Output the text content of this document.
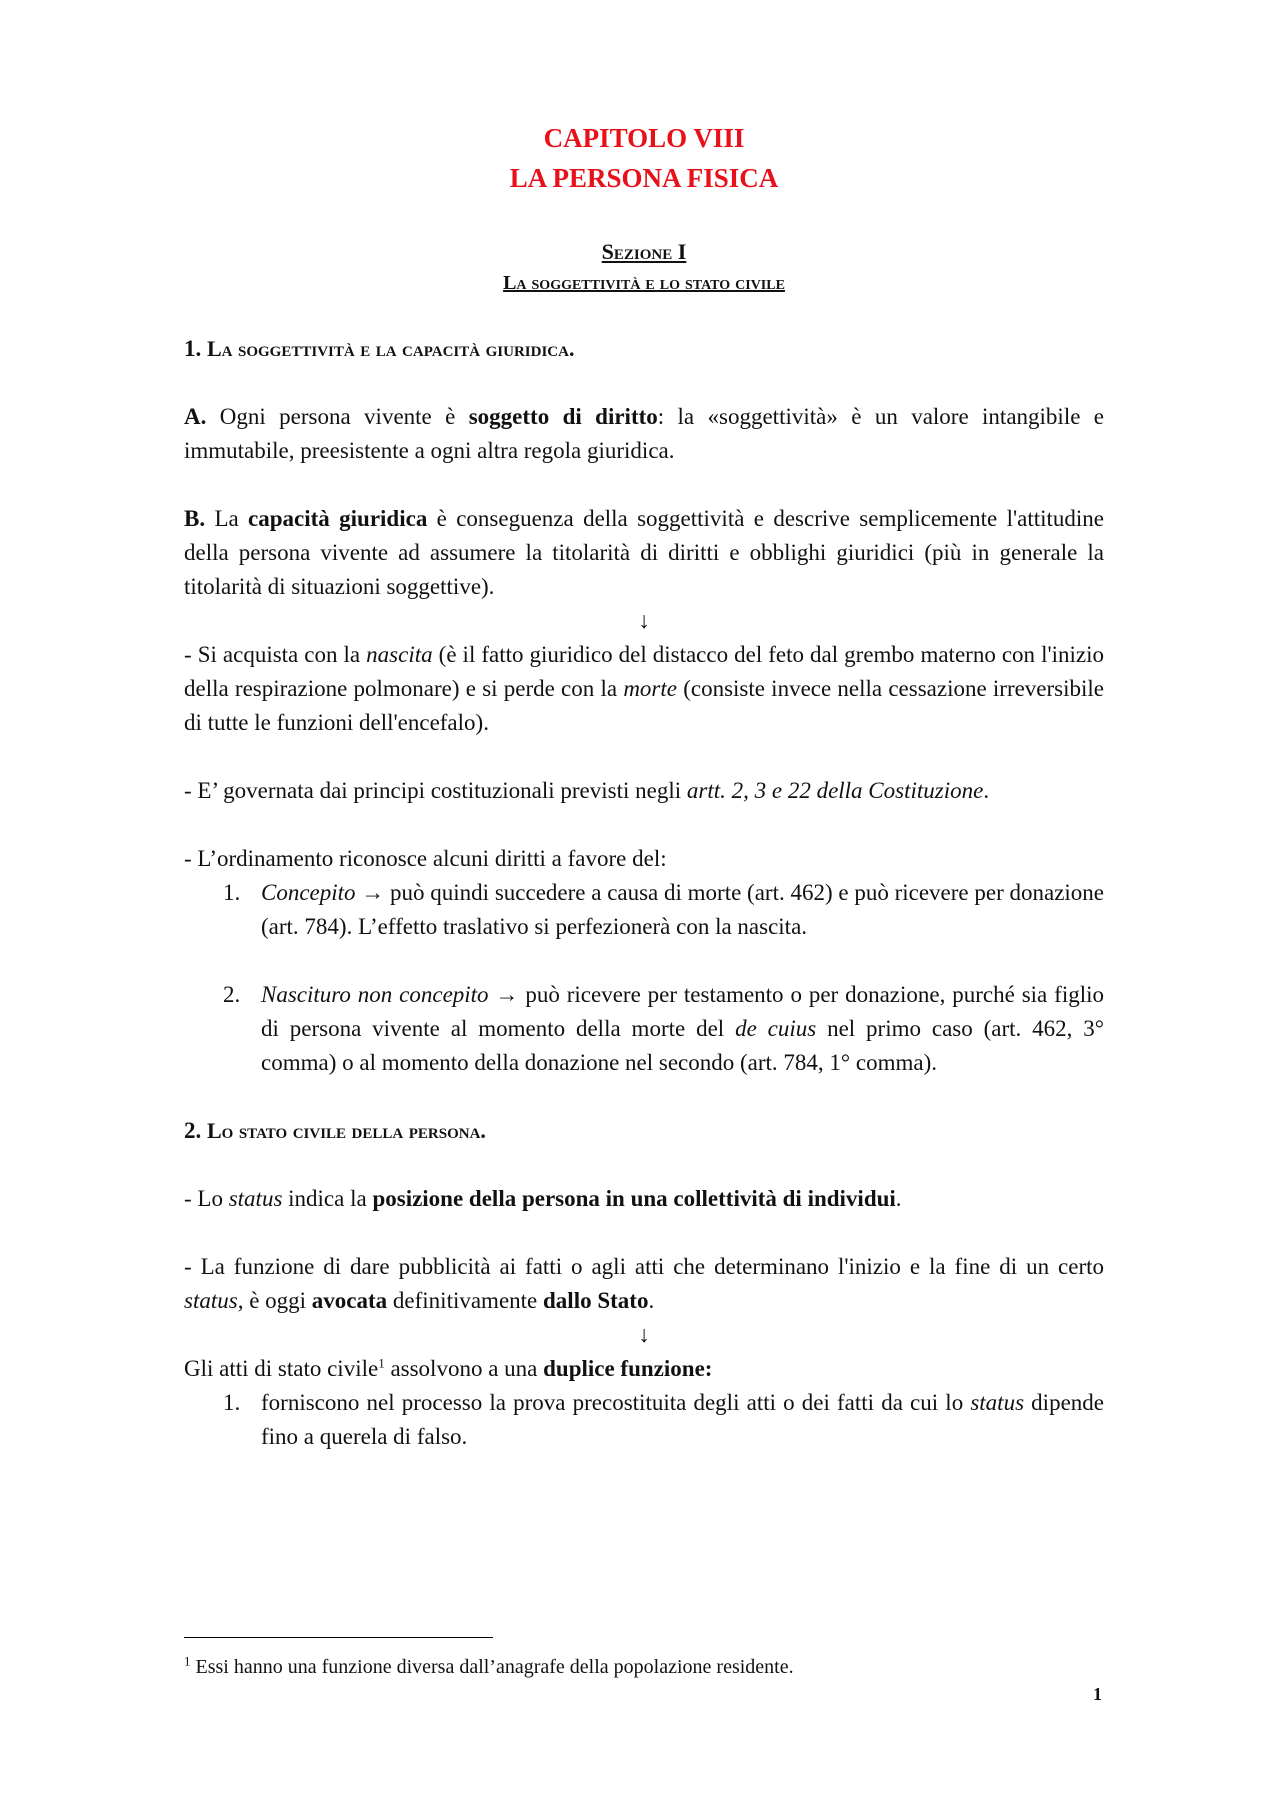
CAPITOLO VIII
LA PERSONA FISICA
Sezione I
La soggettività e lo stato civile
1. La soggettività e la capacità giuridica.

A. Ogni persona vivente è soggetto di diritto: la «soggettività» è un valore intangibile e immutabile, preesistente a ogni altra regola giuridica.

B. La capacità giuridica è conseguenza della soggettività e descrive semplicemente l'attitudine della persona vivente ad assumere la titolarità di diritti e obblighi giuridici (più in generale la titolarità di situazioni soggettive).

↓

- Si acquista con la nascita (è il fatto giuridico del distacco del feto dal grembo materno con l'inizio della respirazione polmonare) e si perde con la morte (consiste invece nella cessazione irreversibile di tutte le funzioni dell'encefalo).

- E’ governata dai principi costituzionali previsti negli artt. 2, 3 e 22 della Costituzione.

- L’ordinamento riconosce alcuni diritti a favore del:

1. Concepito → può quindi succedere a causa di morte (art. 462) e può ricevere per donazione (art. 784). L’effetto traslativo si perfezionerà con la nascita.
2. Nascituro non concepito → può ricevere per testamento o per donazione, purché sia figlio di persona vivente al momento della morte del de cuius nel primo caso (art. 462, 3° comma) o al momento della donazione nel secondo (art. 784, 1° comma).
2. Lo stato civile della persona.

- Lo status indica la posizione della persona in una collettività di individui.

- La funzione di dare pubblicità ai fatti o agli atti che determinano l'inizio e la fine di un certo status, è oggi avocata definitivamente dallo Stato.

↓

Gli atti di stato civile$^1$ assolvono a una duplice funzione:

1. forniscono nel processo la prova precostituita degli atti o dei fatti da cui lo status dipende fino a querela di falso.
$^1$ Essi hanno una funzione diversa dall’anagrafe della popolazione residente.
1
